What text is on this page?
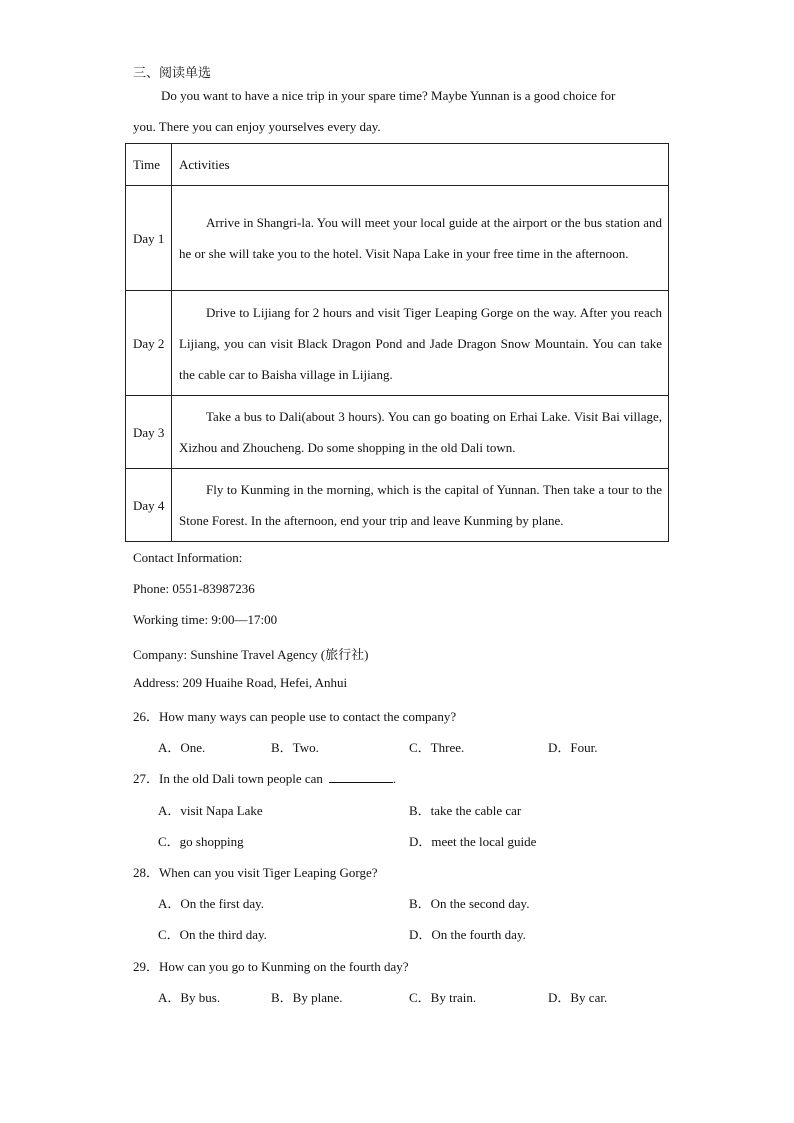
三、阅读单选
Do you want to have a nice trip in your spare time? Maybe Yunnan is a good choice for
you. There you can enjoy yourselves every day.
Time	Activities
Day 1	Arrive in Shangri-la. You will meet your local guide at the airport or the bus station and he or she will take you to the hotel. Visit Napa Lake in your free time in the afternoon.
Day 2	Drive to Lijiang for 2 hours and visit Tiger Leaping Gorge on the way. After you reach Lijiang, you can visit Black Dragon Pond and Jade Dragon Snow Mountain. You can take the cable car to Baisha village in Lijiang.
Day 3	Take a bus to Dali(about 3 hours). You can go boating on Erhai Lake. Visit Bai village, Xizhou and Zhoucheng. Do some shopping in the old Dali town.
Day 4	Fly to Kunming in the morning, which is the capital of Yunnan. Then take a tour to the Stone Forest. In the afternoon, end your trip and leave Kunming by plane.
Contact Information:
Phone: 0551-83987236
Working time: 9:00—17:00
Company: Sunshine Travel Agency (旅行社)
Address: 209 Huaihe Road, Hefei, Anhui
26．How many ways can people use to contact the company?
A．One.	B．Two.	C．Three.	D．Four.
27．In the old Dali town people can	.
A．visit Napa Lake	B．take the cable car
C．go shopping	D．meet the local guide
28．When can you visit Tiger Leaping Gorge?
A．On the first day.	B．On the second day.
C．On the third day.	D．On the fourth day.
29．How can you go to Kunming on the fourth day?
A．By bus.	B．By plane.	C．By train.	D．By car.
